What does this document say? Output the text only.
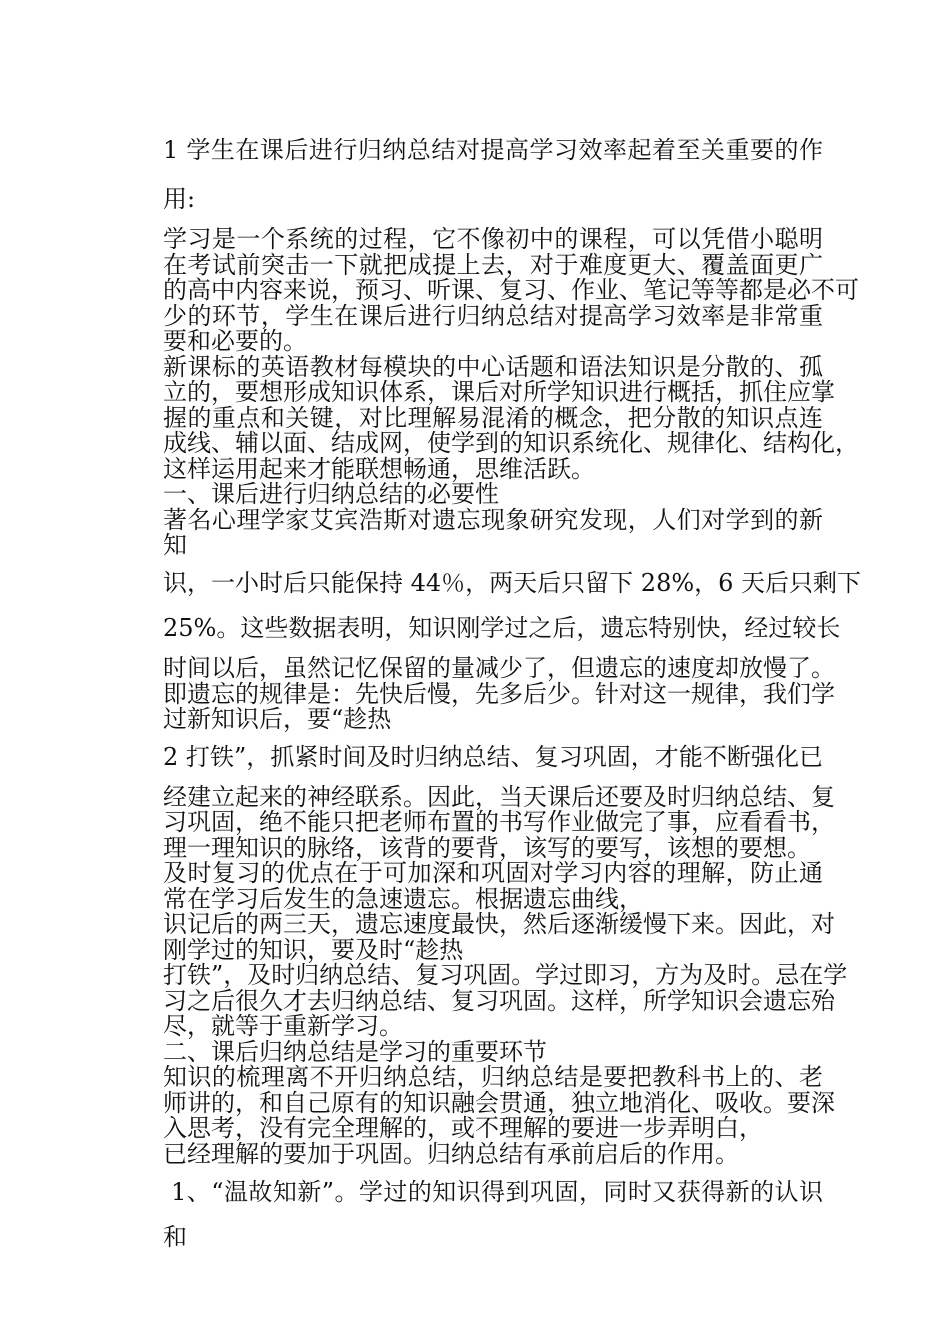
1 学生在课后进行归纳总结对提高学习效率起着至关重要的作
用:
学习是一个系统的过程，它不像初中的课程，可以凭借小聪明
在考试前突击一下就把成提上去，对于难度更大、覆盖面更广
的高中内容来说，预习、听课、复习、作业、笔记等等都是必不可
少的环节，学生在课后进行归纳总结对提高学习效率是非常重
要和必要的。
新课标的英语教材每模块的中心话题和语法知识是分散的、孤
立的，要想形成知识体系，课后对所学知识进行概括，抓住应掌
握的重点和关键，对比理解易混淆的概念，把分散的知识点连
成线、辅以面、结成网，使学到的知识系统化、规律化、结构化，
这样运用起来才能联想畅通，思维活跃。
一、课后进行归纳总结的必要性
著名心理学家艾宾浩斯对遗忘现象研究发现，人们对学到的新
知
识，一小时后只能保持 44％，两天后只留下 28%，6 天后只剩下
25%。这些数据表明，知识刚学过之后，遗忘特别快，经过较长
时间以后，虽然记忆保留的量减少了，但遗忘的速度却放慢了。
即遗忘的规律是：先快后慢，先多后少。针对这一规律，我们学
过新知识后，要“趁热
2 打铁”，抓紧时间及时归纳总结、复习巩固，才能不断强化已
经建立起来的神经联系。因此，当天课后还要及时归纳总结、复
习巩固，绝不能只把老师布置的书写作业做完了事，应看看书，
理一理知识的脉络，该背的要背，该写的要写，该想的要想。
及时复习的优点在于可加深和巩固对学习内容的理解，防止通
常在学习后发生的急速遗忘。根据遗忘曲线，
识记后的两三天，遗忘速度最快，然后逐渐缓慢下来。因此，对
刚学过的知识，要及时“趁热
打铁”，及时归纳总结、复习巩固。学过即习，方为及时。忌在学
习之后很久才去归纳总结、复习巩固。这样，所学知识会遗忘殆
尽，就等于重新学习。
二、课后归纳总结是学习的重要环节
知识的梳理离不开归纳总结，归纳总结是要把教科书上的、老
师讲的，和自己原有的知识融会贯通，独立地消化、吸收。要深
入思考，没有完全理解的，或不理解的要进一步弄明白，
已经理解的要加于巩固。归纳总结有承前启后的作用。
1、“温故知新”。学过的知识得到巩固，同时又获得新的认识
和
